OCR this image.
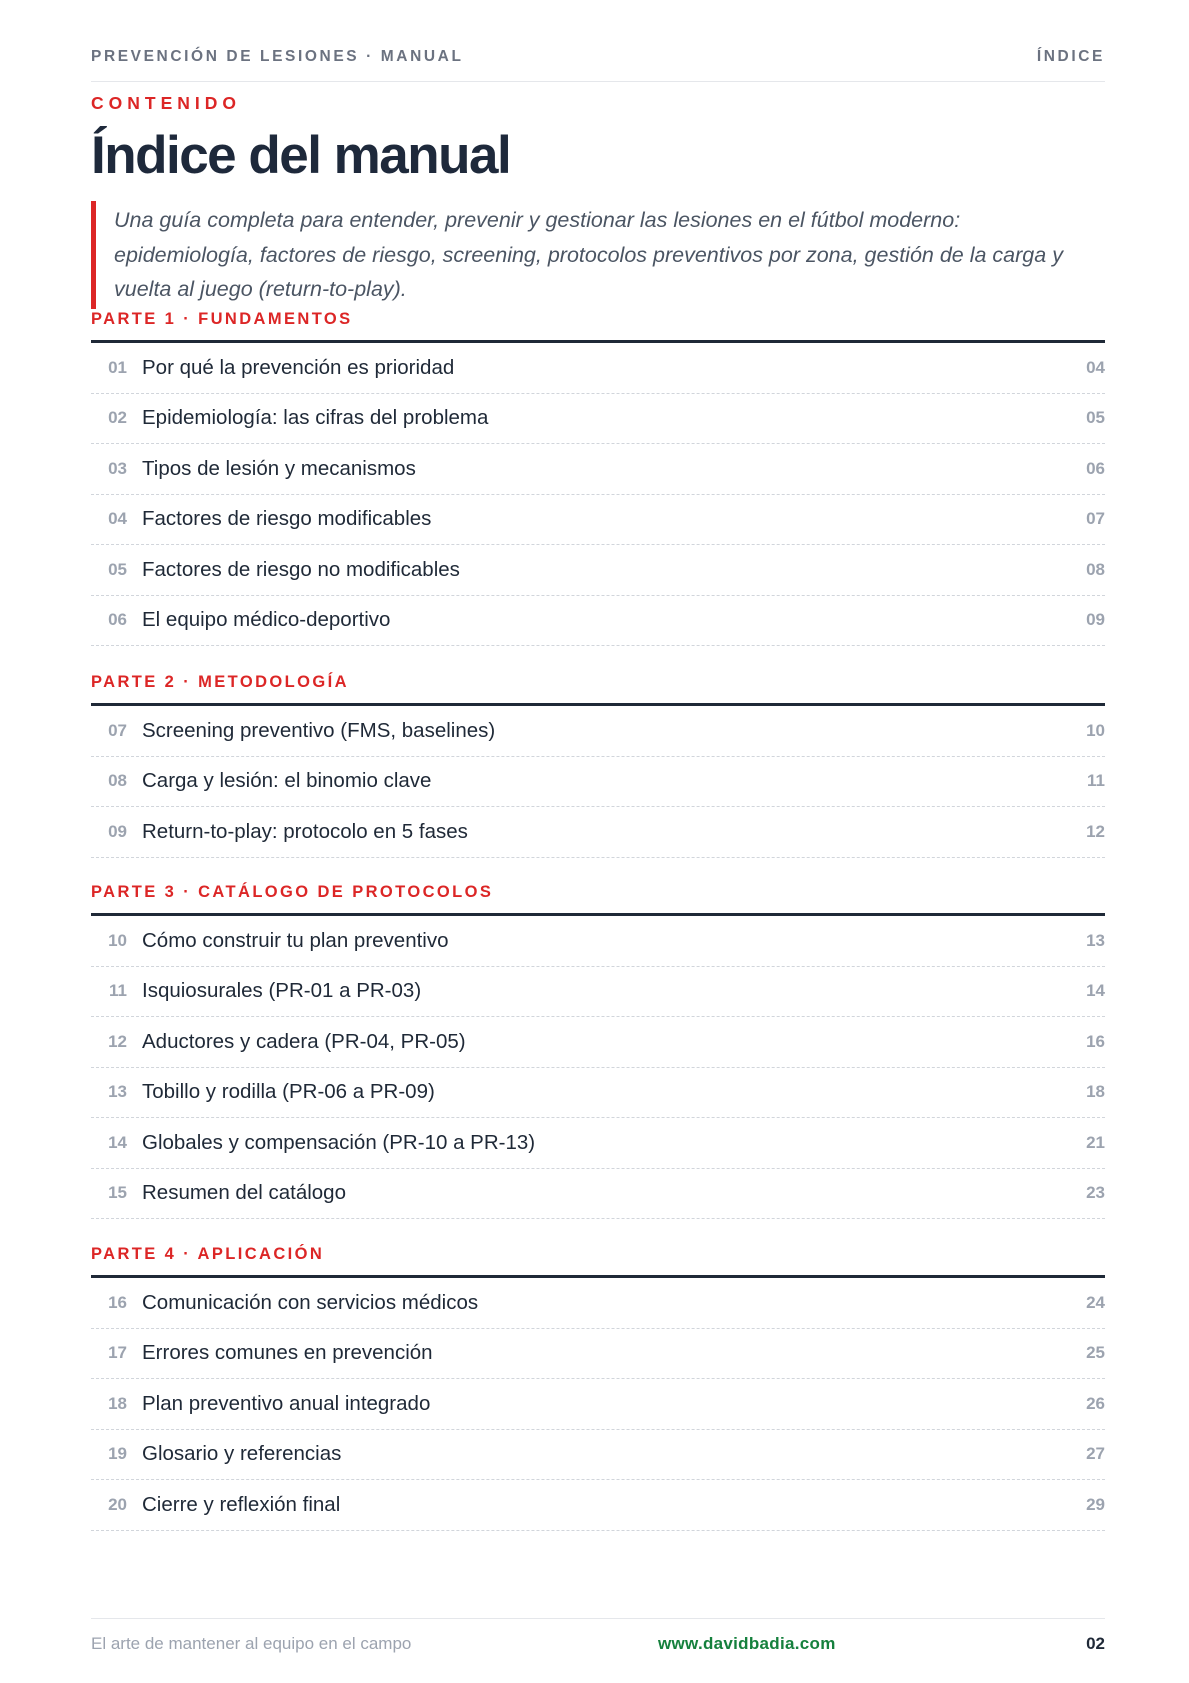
PREVENCIÓN DE LESIONES · MANUAL	ÍNDICE
CONTENIDO
Índice del manual
Una guía completa para entender, prevenir y gestionar las lesiones en el fútbol moderno: epidemiología, factores de riesgo, screening, protocolos preventivos por zona, gestión de la carga y vuelta al juego (return-to-play).
PARTE 1 · FUNDAMENTOS
01 Por qué la prevención es prioridad	04
02 Epidemiología: las cifras del problema	05
03 Tipos de lesión y mecanismos	06
04 Factores de riesgo modificables	07
05 Factores de riesgo no modificables	08
06 El equipo médico-deportivo	09
PARTE 2 · METODOLOGÍA
07 Screening preventivo (FMS, baselines)	10
08 Carga y lesión: el binomio clave	11
09 Return-to-play: protocolo en 5 fases	12
PARTE 3 · CATÁLOGO DE PROTOCOLOS
10 Cómo construir tu plan preventivo	13
11 Isquiosurales (PR-01 a PR-03)	14
12 Aductores y cadera (PR-04, PR-05)	16
13 Tobillo y rodilla (PR-06 a PR-09)	18
14 Globales y compensación (PR-10 a PR-13)	21
15 Resumen del catálogo	23
PARTE 4 · APLICACIÓN
16 Comunicación con servicios médicos	24
17 Errores comunes en prevención	25
18 Plan preventivo anual integrado	26
19 Glosario y referencias	27
20 Cierre y reflexión final	29
El arte de mantener al equipo en el campo	www.davidbadia.com	02
